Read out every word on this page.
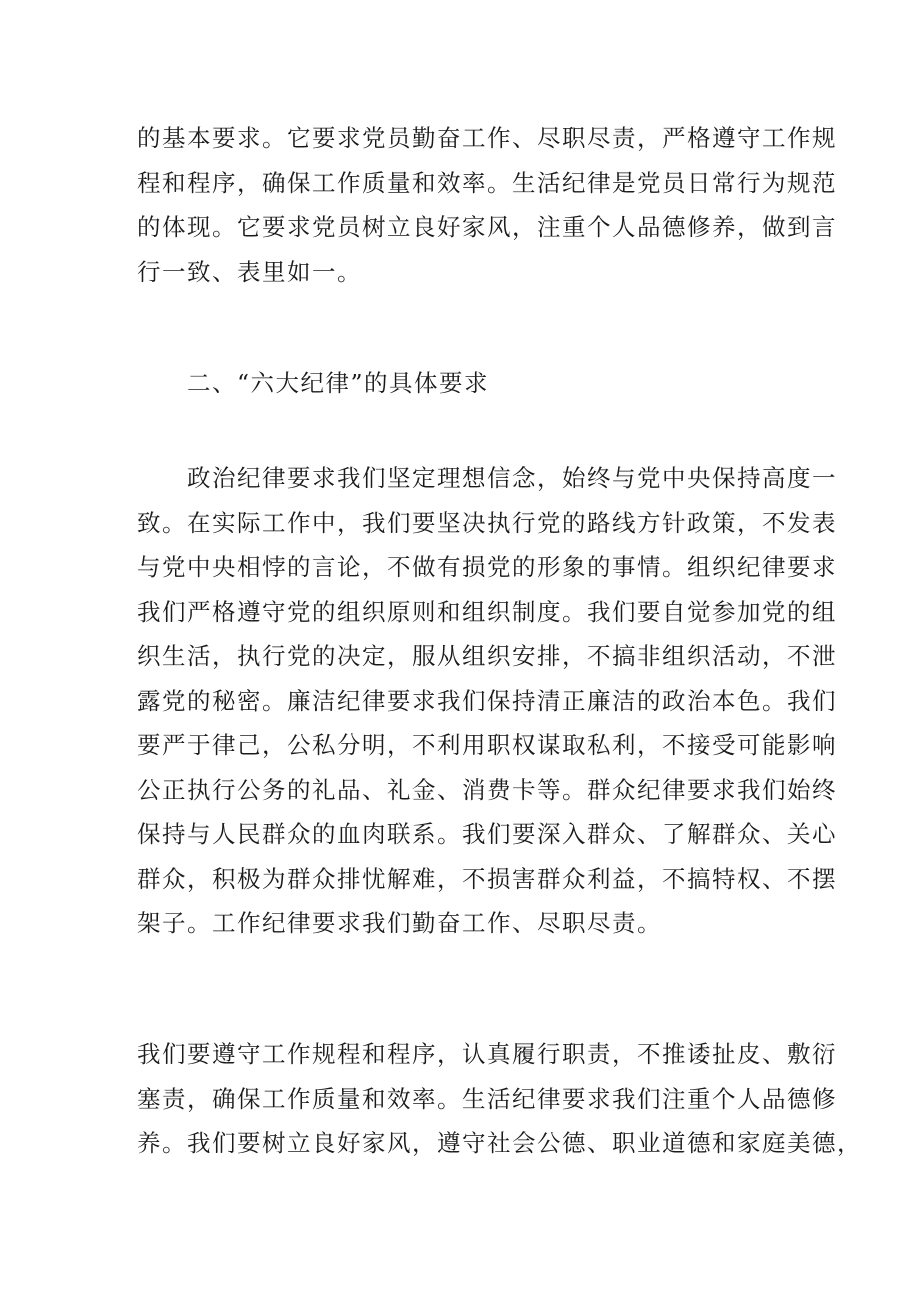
的基本要求。它要求党员勤奋工作、尽职尽责，严格遵守工作规
程和程序，确保工作质量和效率。生活纪律是党员日常行为规范
的体现。它要求党员树立良好家风，注重个人品德修养，做到言
行一致、表里如一。

二、“六大纪律”的具体要求

　　政治纪律要求我们坚定理想信念，始终与党中央保持高度一
致。在实际工作中，我们要坚决执行党的路线方针政策，不发表
与党中央相悖的言论，不做有损党的形象的事情。组织纪律要求
我们严格遵守党的组织原则和组织制度。我们要自觉参加党的组
织生活，执行党的决定，服从组织安排，不搞非组织活动，不泄
露党的秘密。廉洁纪律要求我们保持清正廉洁的政治本色。我们
要严于律己，公私分明，不利用职权谋取私利，不接受可能影响
公正执行公务的礼品、礼金、消费卡等。群众纪律要求我们始终
保持与人民群众的血肉联系。我们要深入群众、了解群众、关心
群众，积极为群众排忧解难，不损害群众利益，不搞特权、不摆
架子。工作纪律要求我们勤奋工作、尽职尽责。

我们要遵守工作规程和程序，认真履行职责，不推诿扯皮、敷衍
塞责，确保工作质量和效率。生活纪律要求我们注重个人品德修
养。我们要树立良好家风，遵守社会公德、职业道德和家庭美德，
